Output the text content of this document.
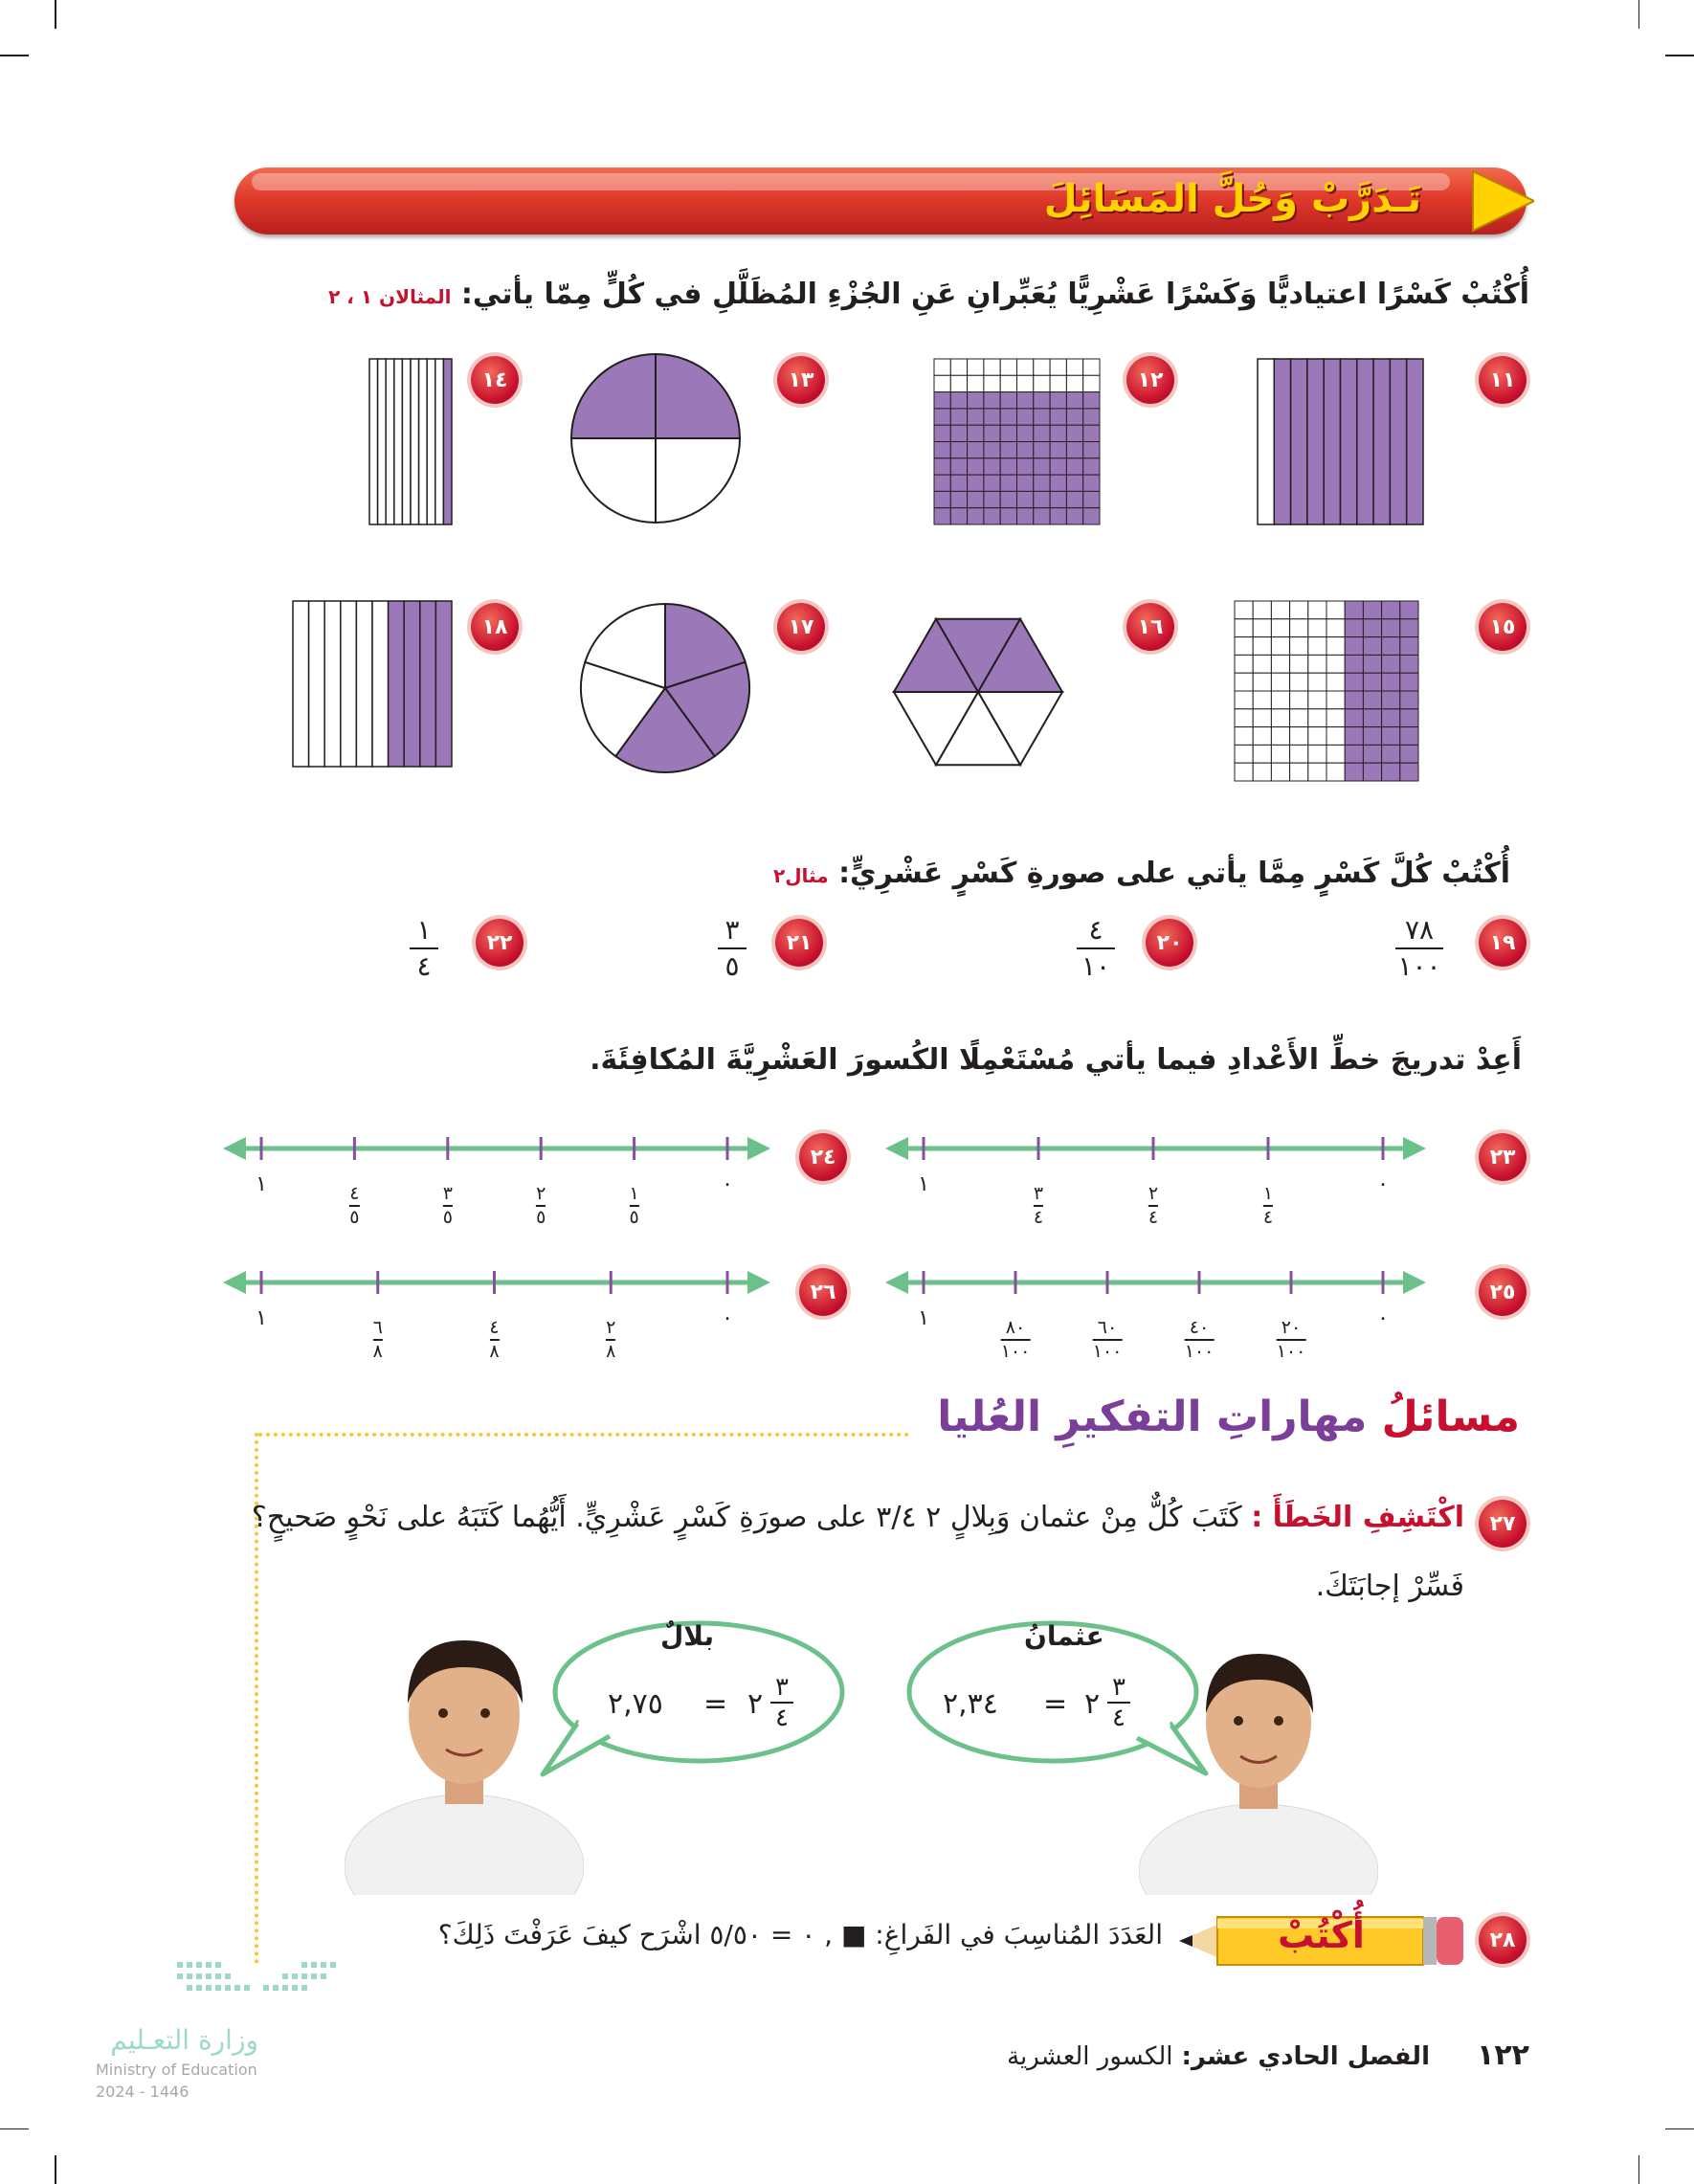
تَـدَرَّبْ وَحُلَّ المَسَائِلَ
أُكْتُبْ كَسْرًا اعتياديًّا وَكَسْرًا عَشْرِيًّا يُعَبِّرانِ عَنِ الجُزْءِ المُظَلَّلِ في كُلٍّ مِمّا يأتي: المثالان ١ ، ٢
١١
١٢
١٣
١٤
١٥
١٦
١٧
١٨
أُكْتُبْ كُلَّ كَسْرٍ مِمَّا يأتي على صورةِ كَسْرٍ عَشْرِيٍّ: مثال٢
١٩
٧٨
١٠٠
٢٠
٤
١٠
٢١
٣
٥
٢٢
١
٤
أَعِدْ تدريجَ خطِّ الأَعْدادِ فيما يأتي مُسْتَعْمِلًا الكُسورَ العَشْرِيَّةَ المُكافِئَةَ.
٢٣
٠
١	١
٤
٢
٤
٣
٤
٢٤
٠
١	١
٥
٢
٥
٣
٥
٤
٥
٢٥
٠
١	٢٠
١٠٠
٤٠
١٠٠
٦٠
١٠٠
٨٠
١٠٠
٢٦
٠
١	٢
٨
٤
٨
٦
٨
مسائلُ مهاراتِ التفكيرِ العُليا
٢٧
اكْتَشِفِ الخَطَأَ : كَتَبَ كُلٌّ مِنْ عثمان وَبِلالٍ ٢ ٣/٤ على صورَةِ كَسْرٍ عَشْرِيٍّ. أَيُّهُما كَتَبَهُ على نَحْوٍ صَحيحٍ؟
فَسِّرْ إجابَتَكَ.
عثمانُ
٢,٣٤ = ٢ ٣
٤
بلالٌ
٢,٧٥ = ٢ ٣
٤
٢٨
أُكْتُبْ
العَدَدَ المُناسِبَ في الفَراغِ: ■ , ٠ = ٥/٥٠ اشْرَح كيفَ عَرَفْتَ ذَلِكَ؟
١٢٢ الفصل الحادي عشر: الكسور العشرية
وزارة التعـليم
Ministry of Education
2024 - 1446
